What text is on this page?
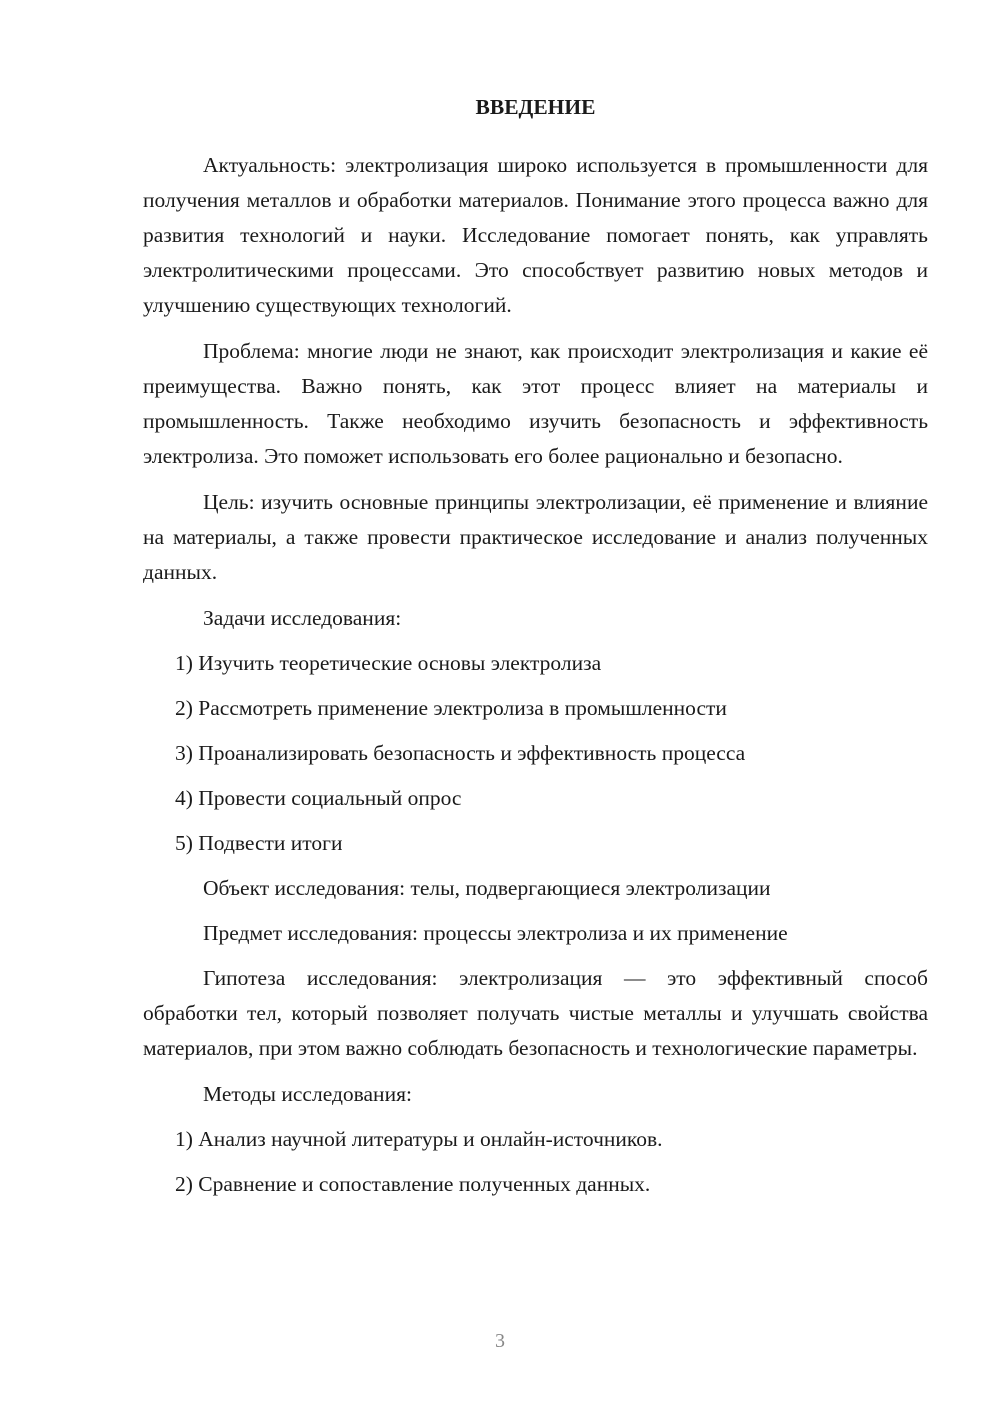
ВВЕДЕНИЕ

Актуальность: электролизация широко используется в промышленности для получения металлов и обработки материалов. Понимание этого процесса важно для развития технологий и науки. Исследование помогает понять, как управлять электролитическими процессами. Это способствует развитию новых методов и улучшению существующих технологий.

Проблема: многие люди не знают, как происходит электролизация и какие её преимущества. Важно понять, как этот процесс влияет на материалы и промышленность. Также необходимо изучить безопасность и эффективность электролиза. Это поможет использовать его более рационально и безопасно.

Цель: изучить основные принципы электролизации, её применение и влияние на материалы, а также провести практическое исследование и анализ полученных данных.

Задачи исследования:
1) Изучить теоретические основы электролиза
2) Рассмотреть применение электролиза в промышленности
3) Проанализировать безопасность и эффективность процесса
4) Провести социальный опрос
5) Подвести итоги
Объект исследования: телы, подвергающиеся электролизации
Предмет исследования: процессы электролиза и их применение

Гипотеза исследования: электролизация — это эффективный способ обработки тел, который позволяет получать чистые металлы и улучшать свойства материалов, при этом важно соблюдать безопасность и технологические параметры.

Методы исследования:
1) Анализ научной литературы и онлайн-источников.
2) Сравнение и сопоставление полученных данных.
3
